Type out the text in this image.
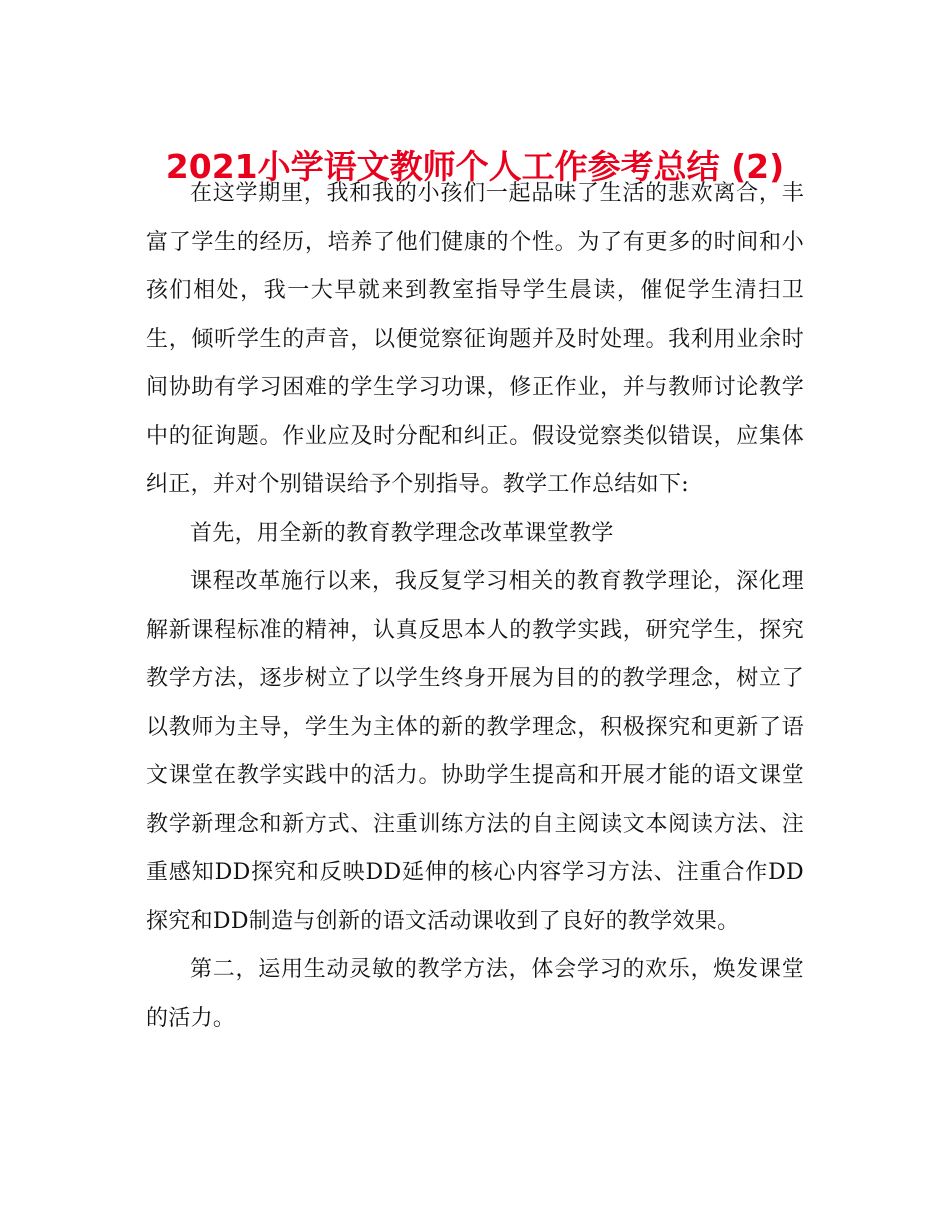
2021小学语文教师个人工作参考总结 (2)

在这学期里，我和我的小孩们一起品味了生活的悲欢离合，丰富了学生的经历，培养了他们健康的个性。为了有更多的时间和小孩们相处，我一大早就来到教室指导学生晨读，催促学生清扫卫生，倾听学生的声音，以便觉察征询题并及时处理。我利用业余时间协助有学习困难的学生学习功课，修正作业，并与教师讨论教学中的征询题。作业应及时分配和纠正。假设觉察类似错误，应集体纠正，并对个别错误给予个别指导。教学工作总结如下:

首先，用全新的教育教学理念改革课堂教学

课程改革施行以来，我反复学习相关的教育教学理论，深化理解新课程标准的精神，认真反思本人的教学实践，研究学生，探究教学方法，逐步树立了以学生终身开展为目的的教学理念，树立了以教师为主导，学生为主体的新的教学理念，积极探究和更新了语文课堂在教学实践中的活力。协助学生提高和开展才能的语文课堂教学新理念和新方式、注重训练方法的自主阅读文本阅读方法、注重感知DD探究和反映DD延伸的核心内容学习方法、注重合作DD探究和DD制造与创新的语文活动课收到了良好的教学效果。

第二，运用生动灵敏的教学方法，体会学习的欢乐，焕发课堂的活力。
